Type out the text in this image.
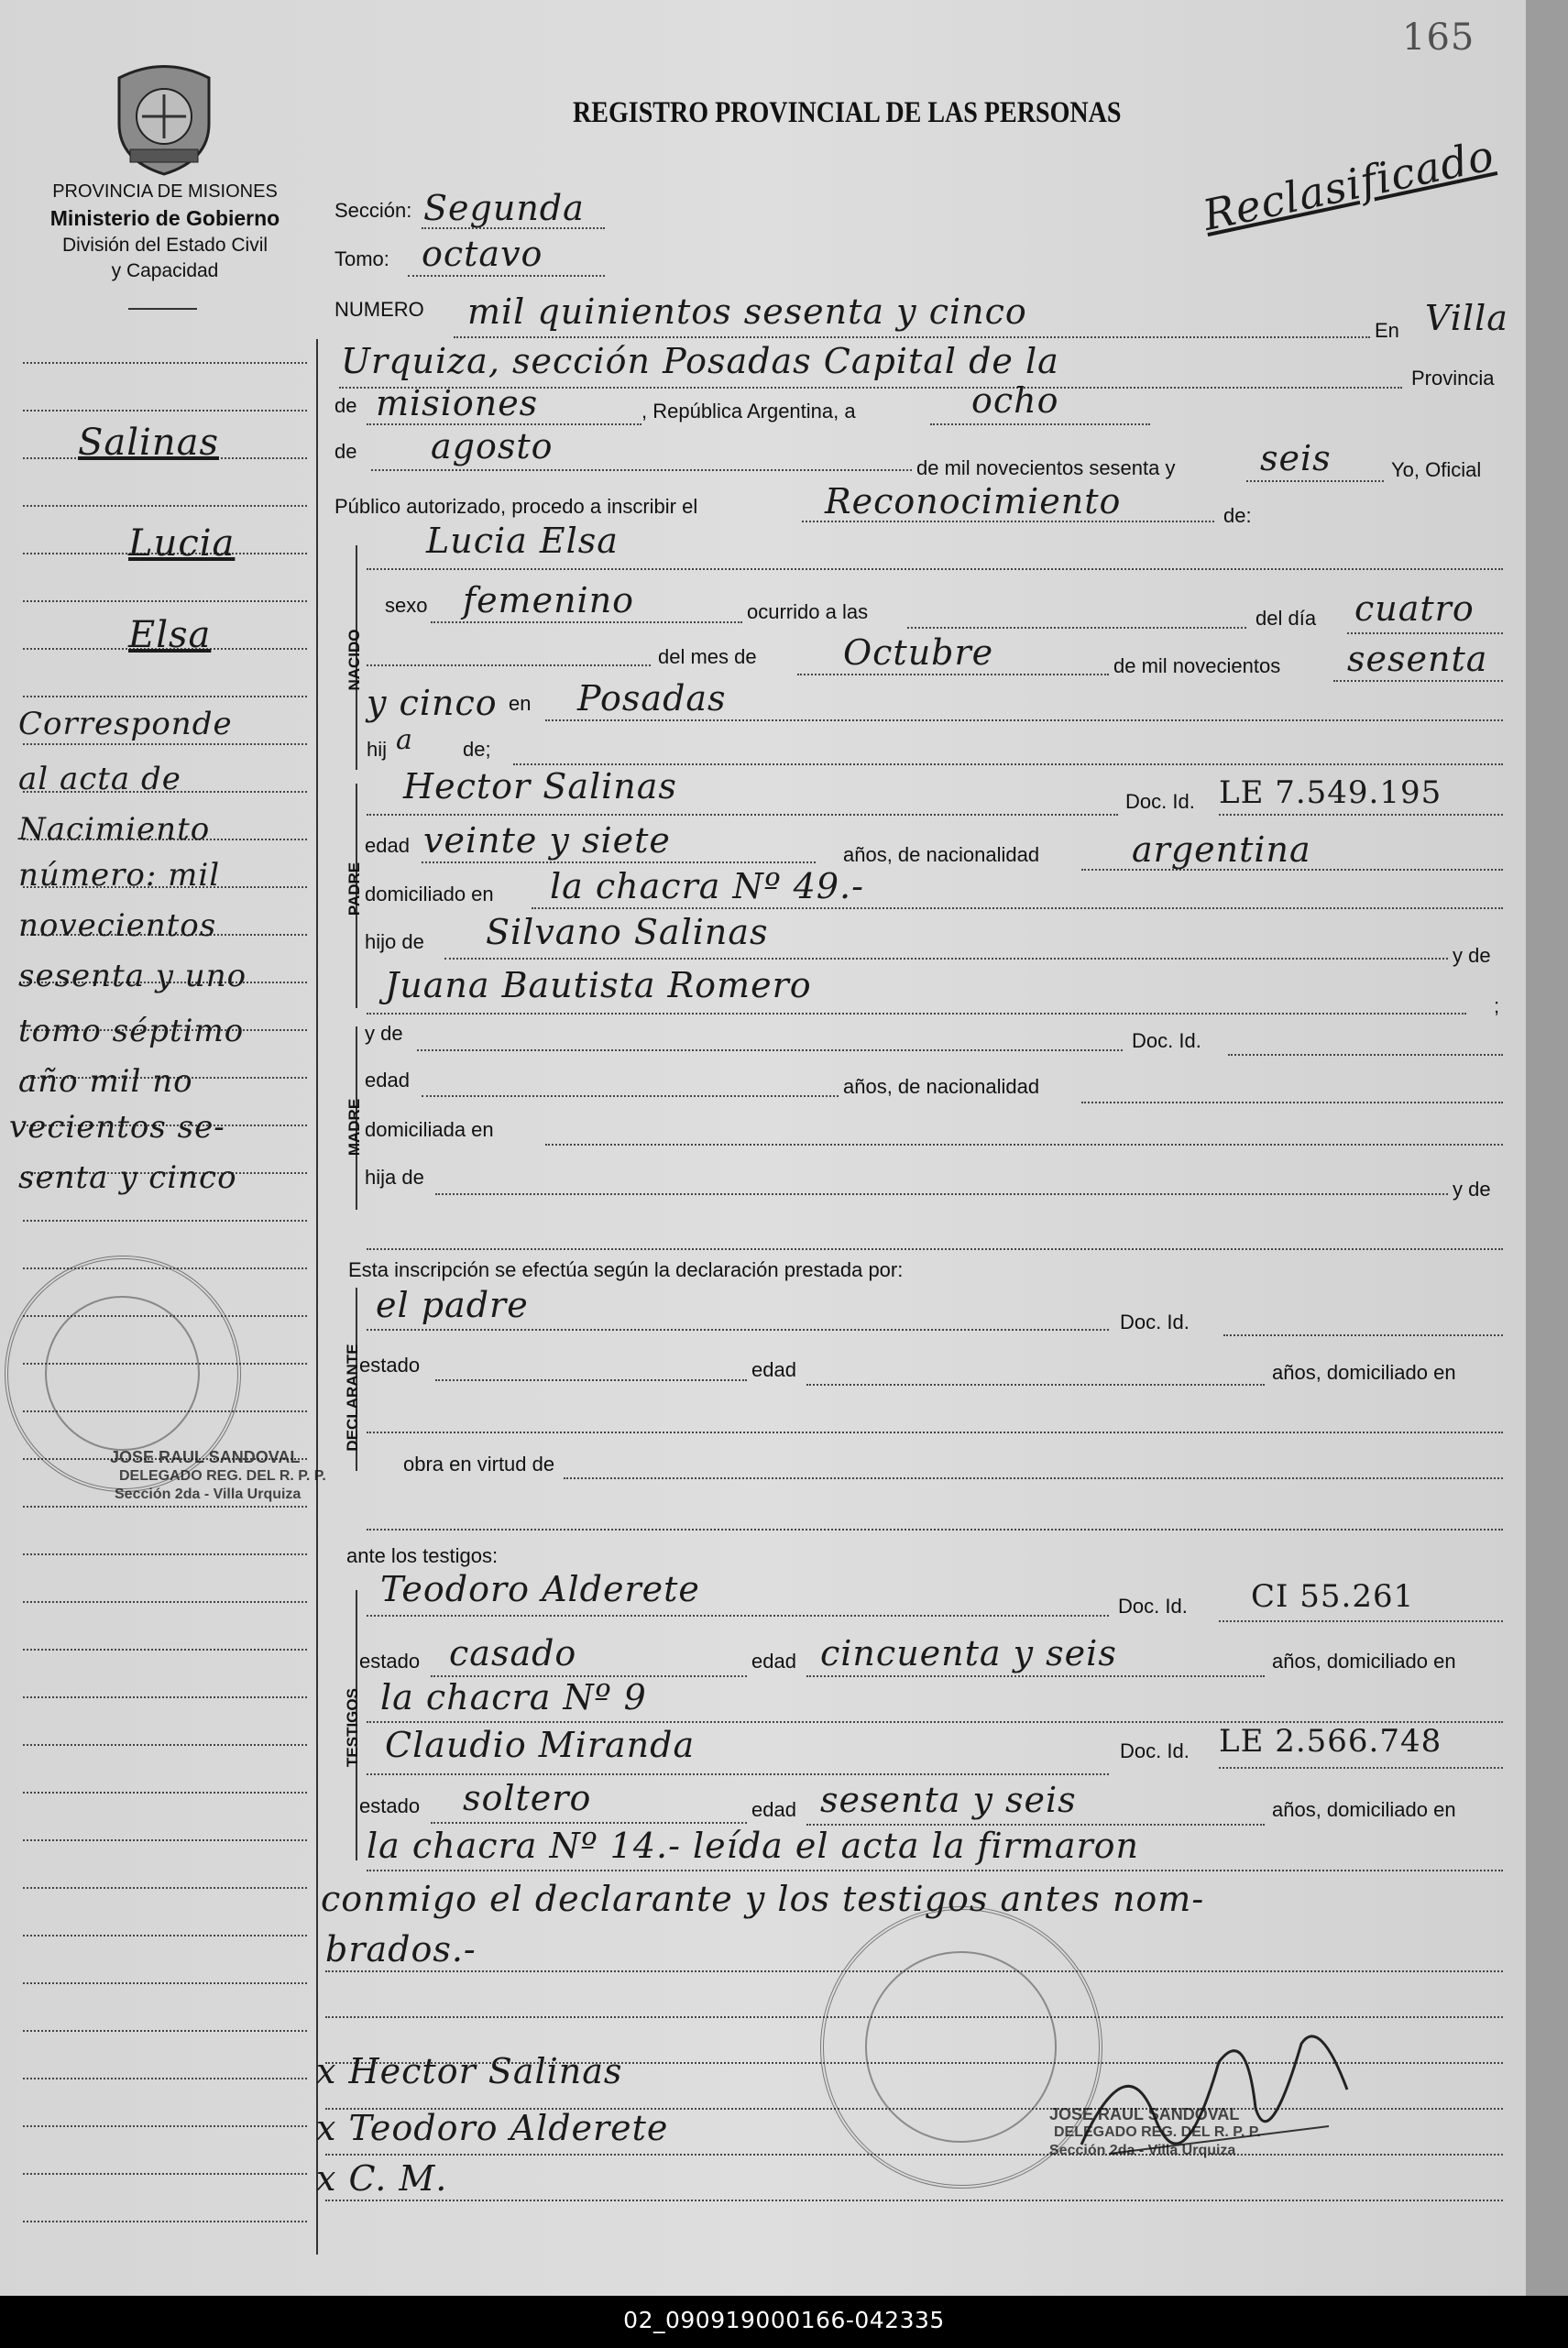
165
PROVINCIA DE MISIONES
Ministerio de Gobierno
División del Estado Civil
y Capacidad
REGISTRO PROVINCIAL DE LAS PERSONAS
Reclasificado
Salinas
Lucia
Elsa
Corresponde
al acta de
Nacimiento
número: mil
novecientos
sesenta y uno
tomo séptimo
año mil no
vecientos se-
senta y cinco
Sección: Segunda
Tomo: octavo
NUMERO mil quinientos sesenta y cinco	En Villa
Urquiza, sección Posadas Capital de la	Provincia
de misiones	, República Argentina, a	ocho
de agosto
de mil novecientos sesenta y seis	Yo, Oficial
Público autorizado, procedo a inscribir el	Reconocimiento	de:
NACIDO
PADRE
MADRE
DECLARANTE
TESTIGOS
Lucia Elsa
sexo femenino	ocurrido a las	del día cuatro
del mes de Octubre	de mil novecientos sesenta
y cinco en Posadas
hij a de;
Hector Salinas	Doc. Id. LE 7.549.195
edad veinte y siete	años, de nacionalidad	argentina
domiciliado en la chacra Nº 49.-
hijo de Silvano Salinas
y de
Juana Bautista Romero
;
y de	Doc. Id.
edad	años, de nacionalidad
domiciliada en
hija de
y de
Esta inscripción se efectúa según la declaración prestada por:
el padre	Doc. Id.
estado	edad	años, domiciliado en
obra en virtud de
ante los testigos:
Teodoro Alderete	Doc. Id. CI 55.261
estado casado	edad cincuenta y seis	años, domiciliado en
la chacra Nº 9
Claudio Miranda	Doc. Id. LE 2.566.748
estado soltero	edad sesenta y seis	años, domiciliado en
la chacra Nº 14.- leída el acta la firmaron
conmigo el declarante y los testigos antes nom-
brados.-
x Hector Salinas
x Teodoro Alderete
x C. M.
JOSE RAUL SANDOVAL
DELEGADO REG. DEL R. P. P.
Sección 2da - Villa Urquiza
JOSE RAUL SANDOVAL
DELEGADO REG. DEL R. P. P.
Sección 2da - Villa Urquiza
02_090919000166-042335
